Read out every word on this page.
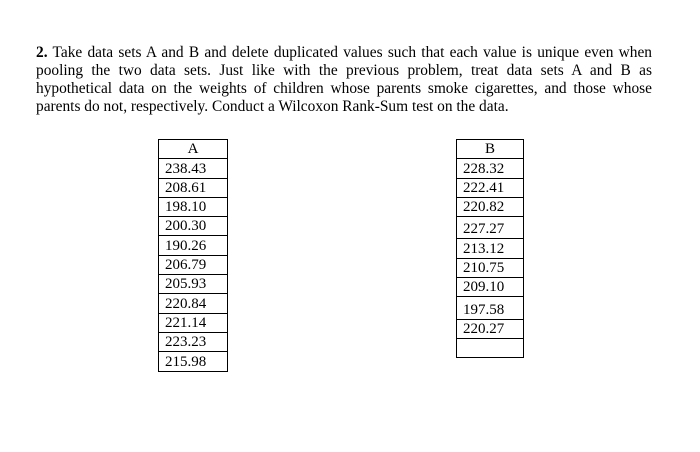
2. Take data sets A and B and delete duplicated values such that each value is unique even when pooling the two data sets. Just like with the previous problem, treat data sets A and B as hypothetical data on the weights of children whose parents smoke cigarettes, and those whose parents do not, respectively. Conduct a Wilcoxon Rank-Sum test on the data.
A
238.43
208.61
198.10
200.30
190.26
206.79
205.93
220.84
221.14
223.23
215.98
B
228.32
222.41
220.82
227.27
213.12
210.75
209.10
197.58
220.27
